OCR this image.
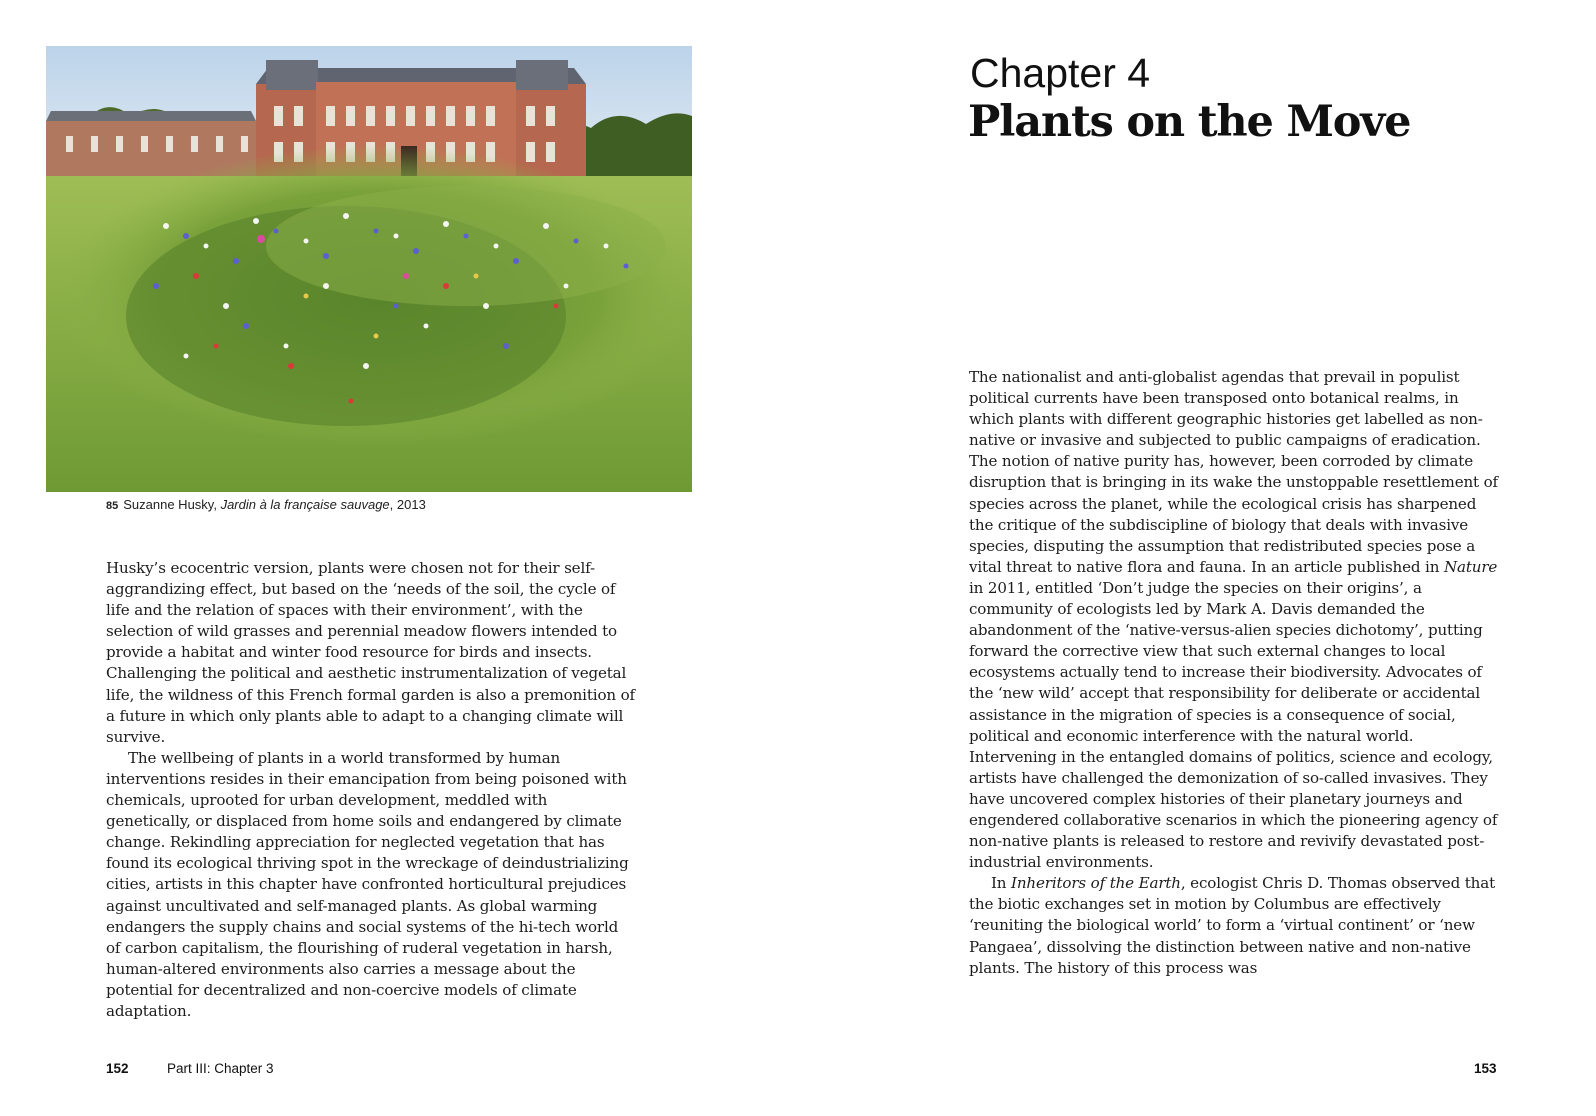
85 Suzanne Husky, Jardin à la française sauvage, 2013

Husky’s ecocentric version, plants were chosen not for their self-aggrandizing effect, but based on the ‘needs of the soil, the cycle of life and the relation of spaces with their environment’, with the selection of wild grasses and perennial meadow flowers intended to provide a habitat and winter food resource for birds and insects. Challenging the political and aesthetic instrumentalization of vegetal life, the wildness of this French formal garden is also a premonition of a future in which only plants able to adapt to a changing climate will survive.

The wellbeing of plants in a world transformed by human interventions resides in their emancipation from being poisoned with chemicals, uprooted for urban development, meddled with genetically, or displaced from home soils and endangered by climate change. Rekindling appreciation for neglected vegetation that has found its ecological thriving spot in the wreckage of deindustrializing cities, artists in this chapter have confronted horticultural prejudices against uncultivated and self-managed plants. As global warming endangers the supply chains and social systems of the hi-tech world of carbon capitalism, the flourishing of ruderal vegetation in harsh, human-altered environments also carries a message about the potential for decentralized and non-coercive models of climate adaptation.

Chapter 4
Plants on the Move

The nationalist and anti-globalist agendas that prevail in populist political currents have been transposed onto botanical realms, in which plants with different geographic histories get labelled as non-native or invasive and subjected to public campaigns of eradication. The notion of native purity has, however, been corroded by climate disruption that is bringing in its wake the unstoppable resettlement of species across the planet, while the ecological crisis has sharpened the critique of the subdiscipline of biology that deals with invasive species, disputing the assumption that redistributed species pose a vital threat to native flora and fauna. In an article published in Nature in 2011, entitled ‘Don’t judge the species on their origins’, a community of ecologists led by Mark A. Davis demanded the abandonment of the ‘native-versus-alien species dichotomy’, putting forward the corrective view that such external changes to local ecosystems actually tend to increase their biodiversity. Advocates of the ‘new wild’ accept that responsibility for deliberate or accidental assistance in the migration of species is a consequence of social, political and economic interference with the natural world. Intervening in the entangled domains of politics, science and ecology, artists have challenged the demonization of so-called invasives. They have uncovered complex histories of their planetary journeys and engendered collaborative scenarios in which the pioneering agency of non-native plants is released to restore and revivify devastated post-industrial environments.

In Inheritors of the Earth, ecologist Chris D. Thomas observed that the biotic exchanges set in motion by Columbus are effectively ‘reuniting the biological world’ to form a ‘virtual continent’ or ‘new Pangaea’, dissolving the distinction between native and non-native plants. The history of this process was

152	Part III: Chapter 3	153
